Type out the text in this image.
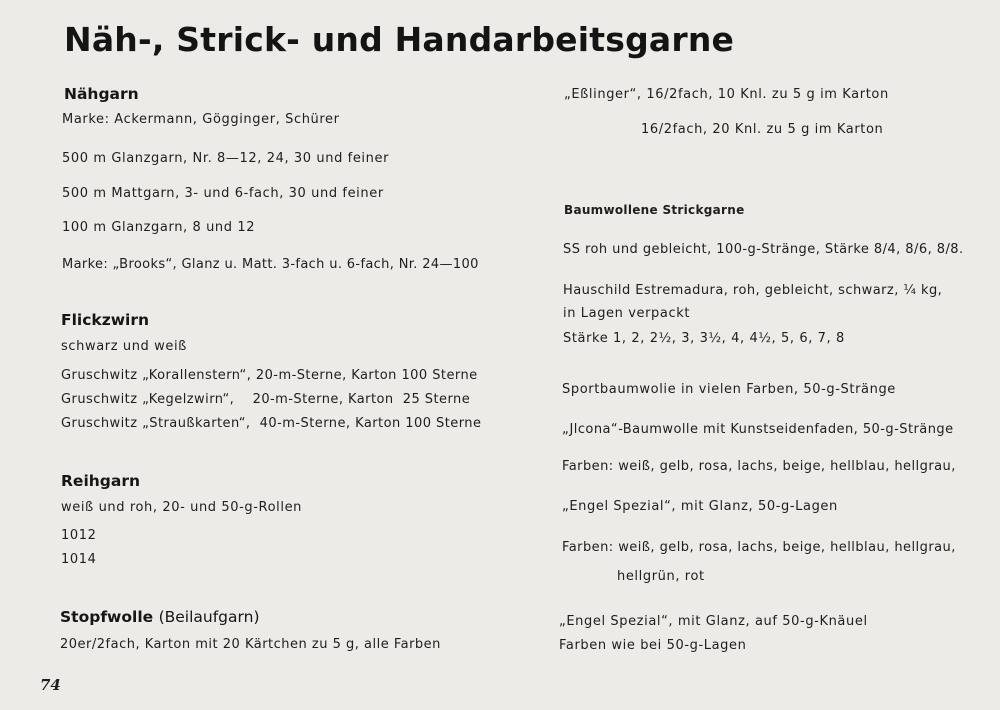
Näh-, Strick- und Handarbeitsgarne
Nähgarn
Marke: Ackermann, Gögginger, Schürer
500 m Glanzgarn, Nr. 8—12, 24, 30 und feiner
500 m Mattgarn, 3- und 6-fach, 30 und feiner
100 m Glanzgarn, 8 und 12
Marke: „Brooks“, Glanz u. Matt. 3-fach u. 6-fach, Nr. 24—100
Flickzwirn
schwarz und weiß
Gruschwitz „Korallenstern“, 20-m-Sterne, Karton 100 Sterne
Gruschwitz „Kegelzwirn“,    20-m-Sterne, Karton  25 Sterne
Gruschwitz „Straußkarten“,  40-m-Sterne, Karton 100 Sterne
Reihgarn
weiß und roh, 20- und 50-g-Rollen
1012
1014
Stopfwolle (Beilaufgarn)
20er/2fach, Karton mit 20 Kärtchen zu 5 g, alle Farben
74
„Eßlinger“, 16/2fach, 10 Knl. zu 5 g im Karton
16/2fach, 20 Knl. zu 5 g im Karton
Baumwollene Strickgarne
SS roh und gebleicht, 100-g-Stränge, Stärke 8/4, 8/6, 8/8.
Hauschild Estremadura, roh, gebleicht, schwarz, ¼ kg,
in Lagen verpackt
Stärke 1, 2, 2½, 3, 3½, 4, 4½, 5, 6, 7, 8
Sportbaumwolie in vielen Farben, 50-g-Stränge
„Jlcona“-Baumwolle mit Kunstseidenfaden, 50-g-Stränge
Farben: weiß, gelb, rosa, lachs, beige, hellblau, hellgrau,
„Engel Spezial“, mit Glanz, 50-g-Lagen
Farben: weiß, gelb, rosa, lachs, beige, hellblau, hellgrau,
hellgrün, rot
„Engel Spezial“, mit Glanz, auf 50-g-Knäuel
Farben wie bei 50-g-Lagen
